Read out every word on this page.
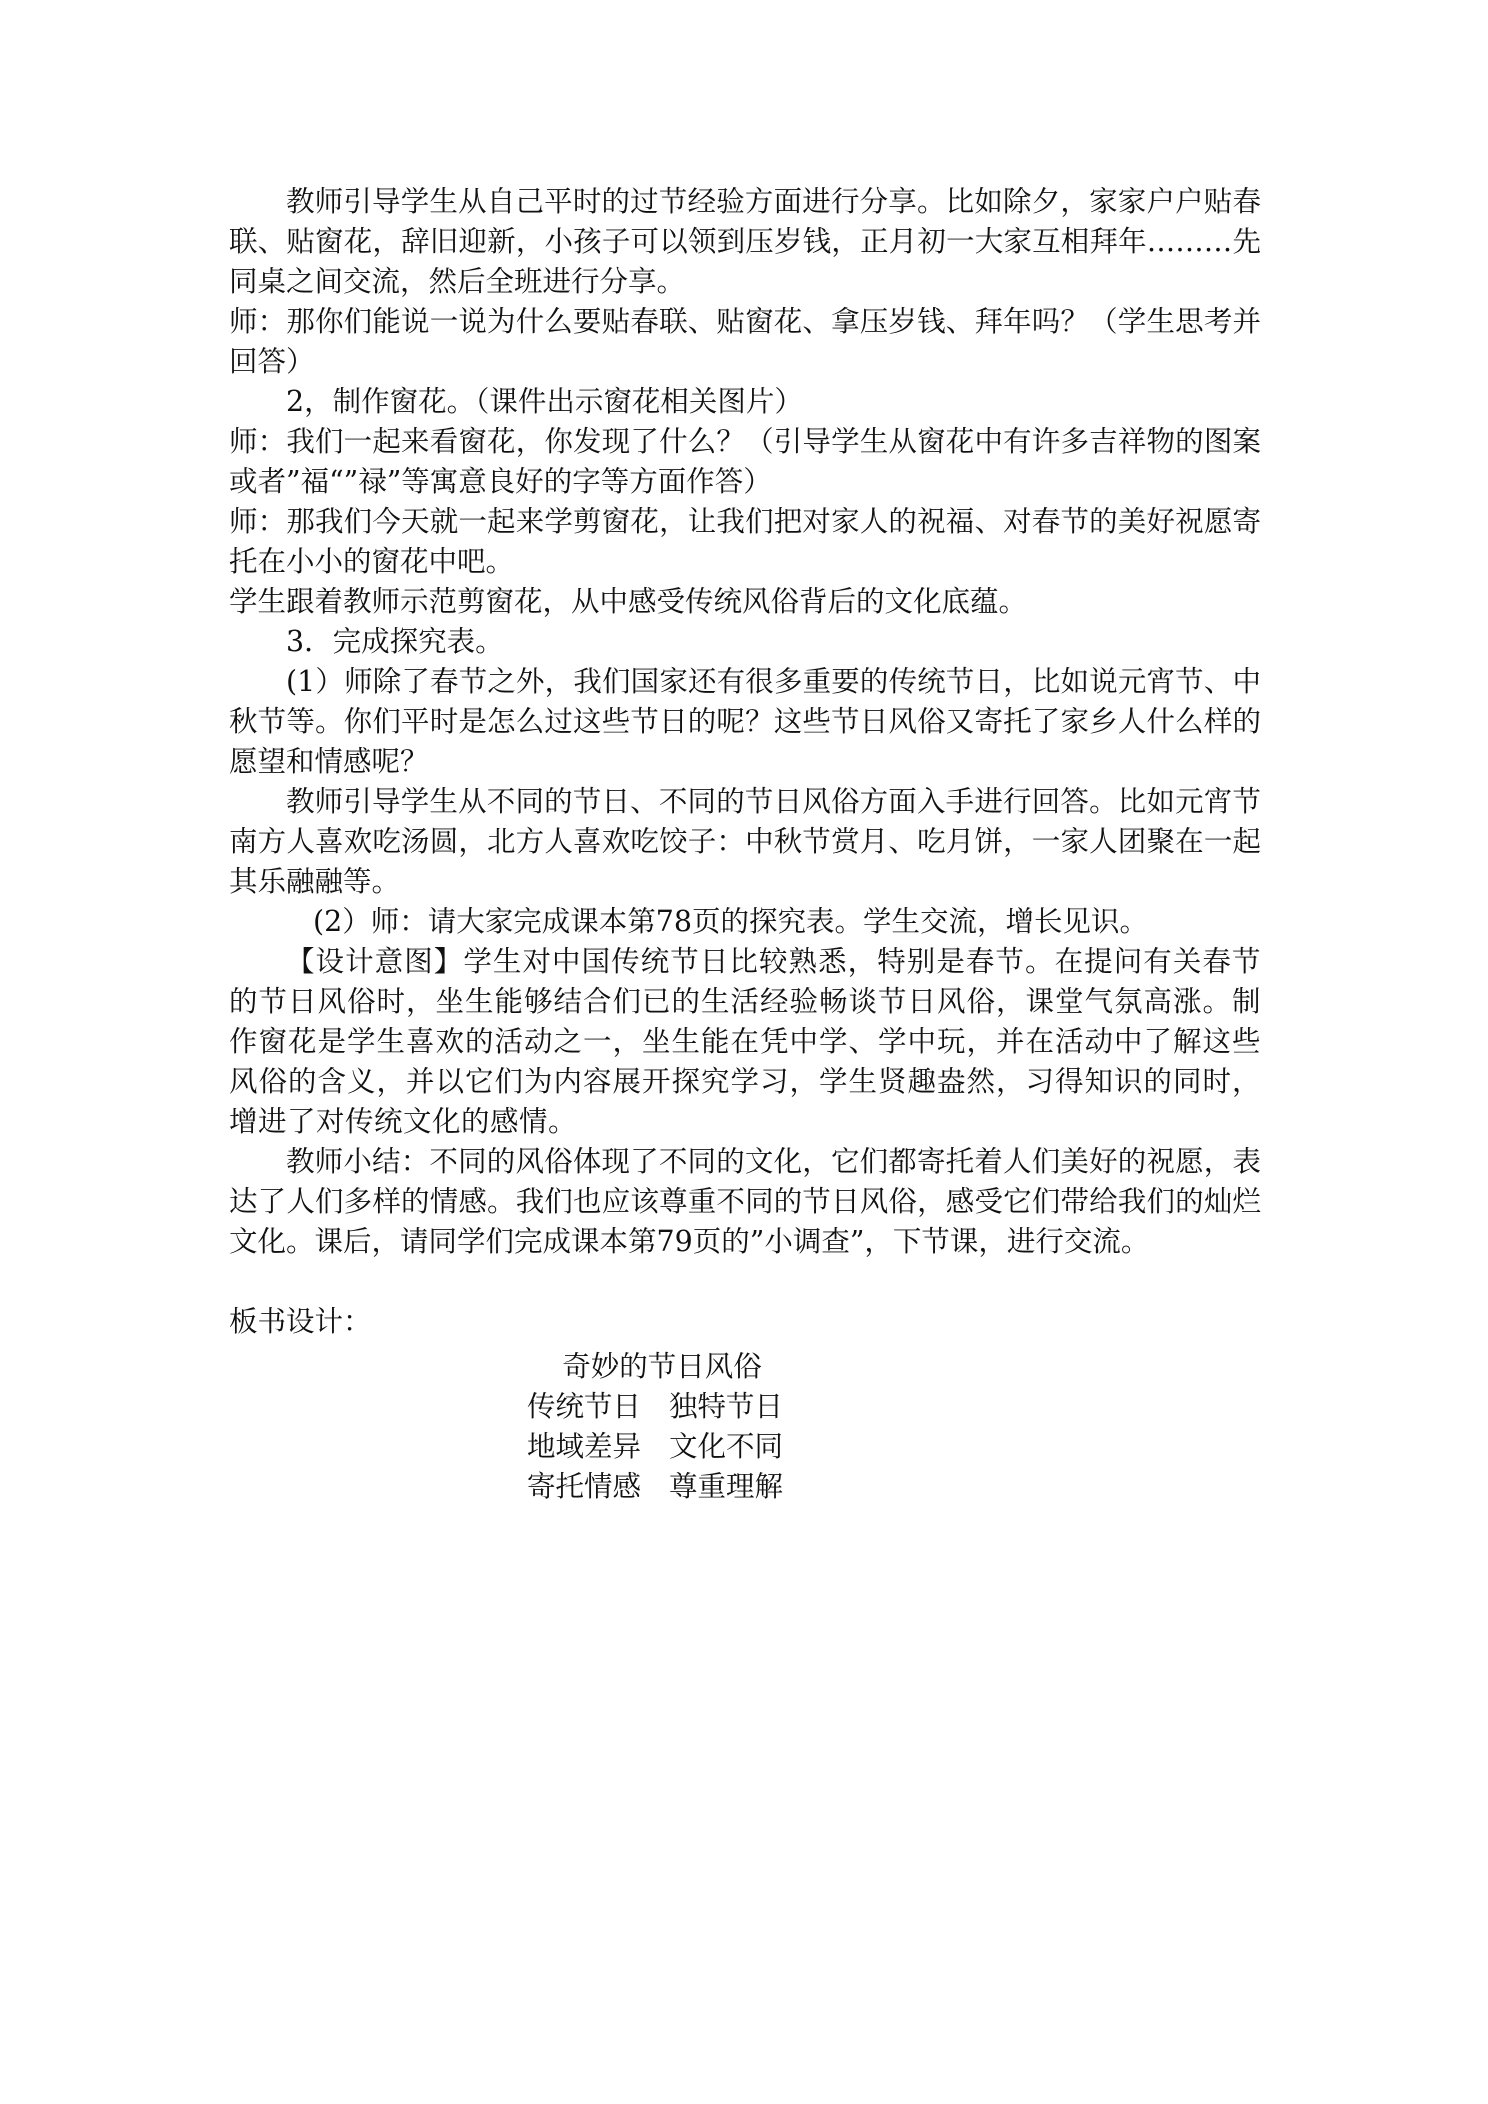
教师引导学生从自己平时的过节经验方面进行分享。比如除夕，家家户户贴春联、贴窗花，辞旧迎新，小孩子可以领到压岁钱，正月初一大家互相拜年………先同桌之间交流，然后全班进行分享。

师：那你们能说一说为什么要贴春联、贴窗花、拿压岁钱、拜年吗？（学生思考并回答）

2，制作窗花。（课件出示窗花相关图片）

师：我们一起来看窗花，你发现了什么？（引导学生从窗花中有许多吉祥物的图案或者”福“”禄”等寓意良好的字等方面作答）

师：那我们今天就一起来学剪窗花，让我们把对家人的祝福、对春节的美好祝愿寄托在小小的窗花中吧。

学生跟着教师示范剪窗花，从中感受传统风俗背后的文化底蕴。

3．完成探究表。

(1）师除了春节之外，我们国家还有很多重要的传统节日，比如说元宵节、中秋节等。你们平时是怎么过这些节日的呢？这些节日风俗又寄托了家乡人什么样的愿望和情感呢？

教师引导学生从不同的节日、不同的节日风俗方面入手进行回答。比如元宵节南方人喜欢吃汤圆，北方人喜欢吃饺子：中秋节赏月、吃月饼，一家人团聚在一起其乐融融等。

(2）师：请大家完成课本第78页的探究表。学生交流，增长见识。

【设计意图】学生对中国传统节日比较熟悉，特别是春节。在提问有关春节的节日风俗时，坐生能够结合们已的生活经验畅谈节日风俗，课堂气氛高涨。制作窗花是学生喜欢的活动之一，坐生能在凭中学、学中玩，并在活动中了解这些风俗的含义，并以它们为内容展开探究学习，学生贤趣盎然，习得知识的同时，增进了对传统文化的感情。

教师小结：不同的风俗体现了不同的文化，它们都寄托着人们美好的祝愿，表达了人们多样的情感。我们也应该尊重不同的节日风俗，感受它们带给我们的灿烂文化。课后，请同学们完成课本第79页的”小调查”，下节课，进行交流。

板书设计：

奇妙的节日风俗

传统节日 独特节日

地域差异 文化不同

寄托情感 尊重理解
